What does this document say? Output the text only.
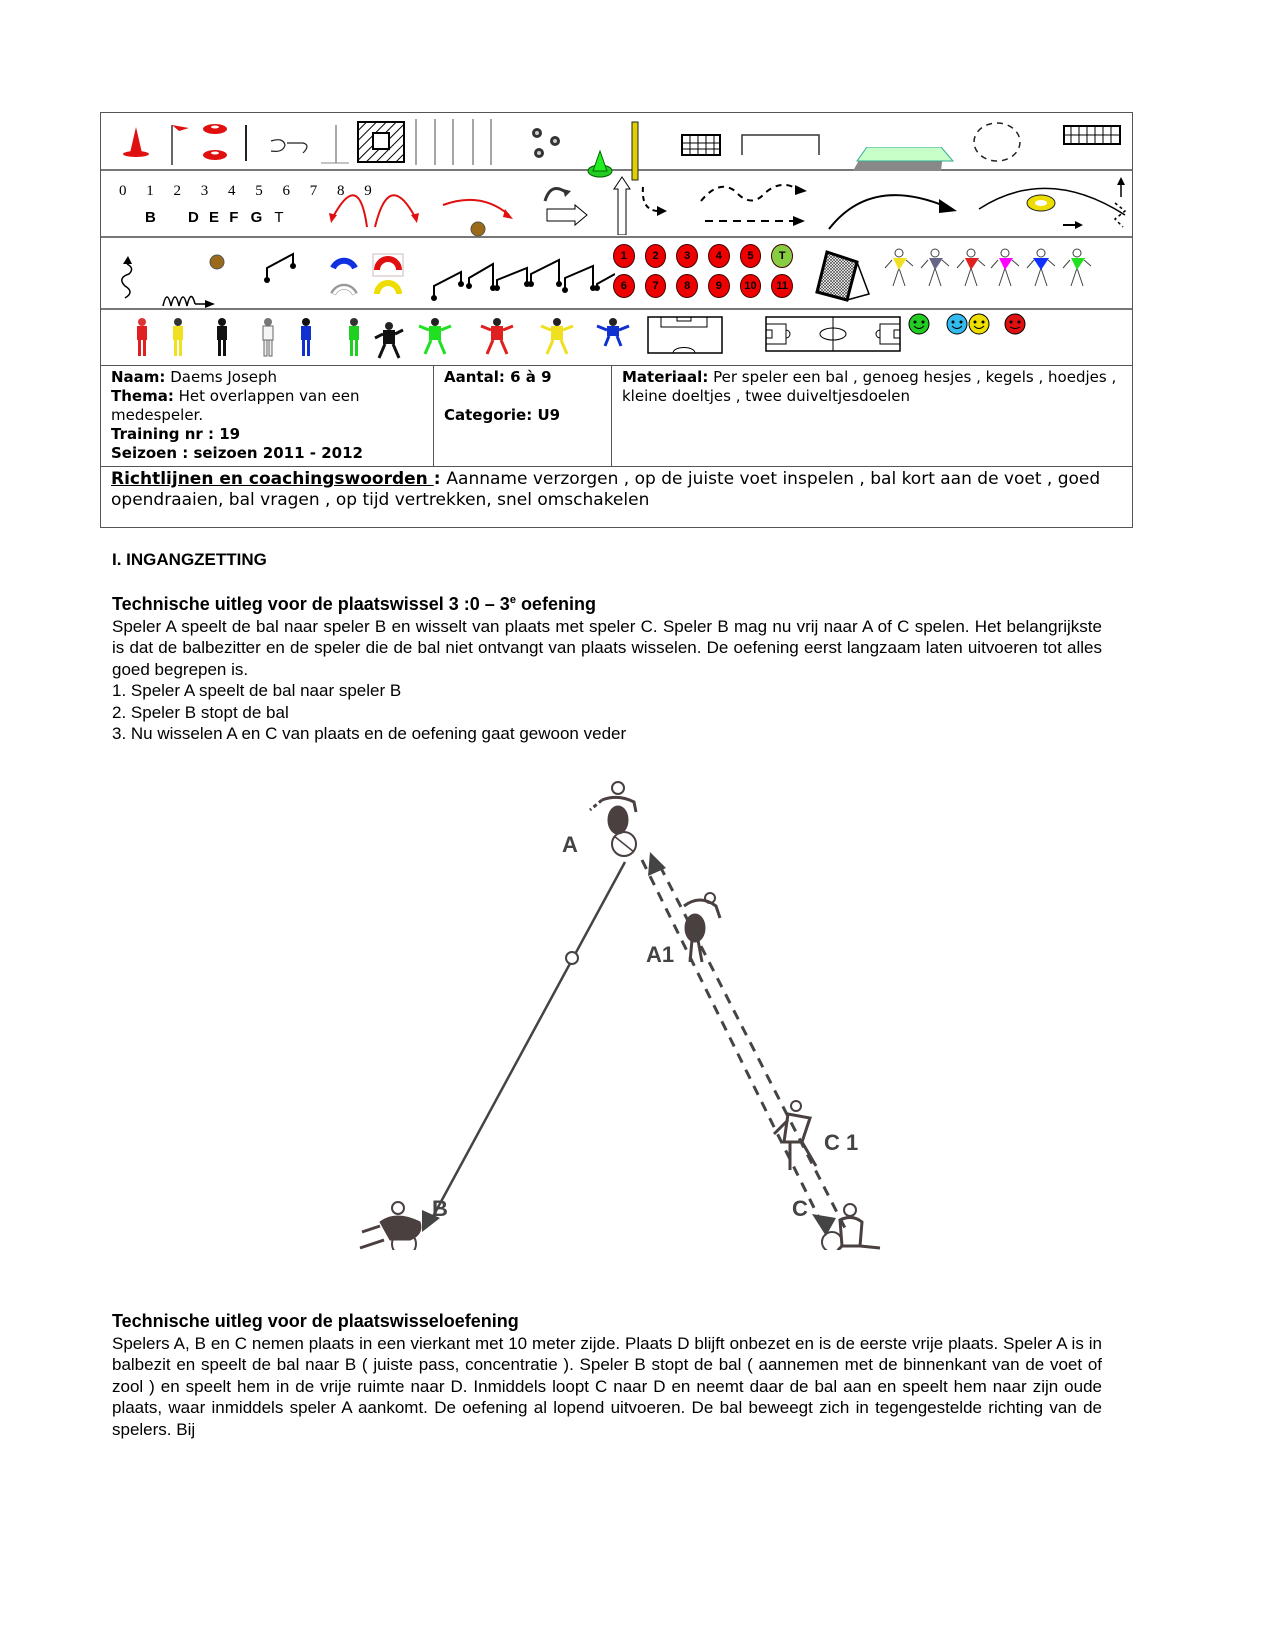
0 1 2 3 4 5 6 7 8 9
B D E F G T
1	2	3	4	5	T
6	7	8	9	10	11
Naam: Daems Joseph
Thema: Het overlappen van een medespeler.
Training nr : 19
Seizoen : seizoen 2011 - 2012
Aantal: 6 à 9
Categorie: U9
Materiaal: Per speler een bal , genoeg hesjes , kegels , hoedjes , kleine doeltjes , twee duiveltjesdoelen
Richtlijnen en coachingswoorden : Aanname verzorgen , op de juiste voet inspelen , bal kort aan de voet , goed opendraaien, bal vragen , op tijd vertrekken, snel omschakelen
I. INGANGZETTING
Technische uitleg voor de plaatswissel 3 :0 – 3e oefening
Speler A speelt de bal naar speler B en wisselt van plaats met speler C. Speler B mag nu vrij naar A of C spelen. Het belangrijkste is dat de balbezitter en de speler die de bal niet ontvangt van plaats wisselen. De oefening eerst langzaam laten uitvoeren tot alles goed begrepen is.
1. Speler A speelt de bal naar speler B
2. Speler B stopt de bal
3. Nu wisselen A en C van plaats en de oefening gaat gewoon veder
A
A1
C 1
B	C
Technische uitleg voor de plaatswisseloefening
Spelers A, B en C nemen plaats in een vierkant met 10 meter zijde. Plaats D blijft onbezet en is de eerste vrije plaats. Speler A is in balbezit en speelt de bal naar B ( juiste pass, concentratie ). Speler B stopt de bal ( aannemen met de binnenkant van de voet of zool ) en speelt hem in de vrije ruimte naar D. Inmiddels loopt C naar D en neemt daar de bal aan en speelt hem naar zijn oude plaats, waar inmiddels speler A aankomt. De oefening al lopend uitvoeren. De bal beweegt zich in tegengestelde richting van de spelers. Bij
